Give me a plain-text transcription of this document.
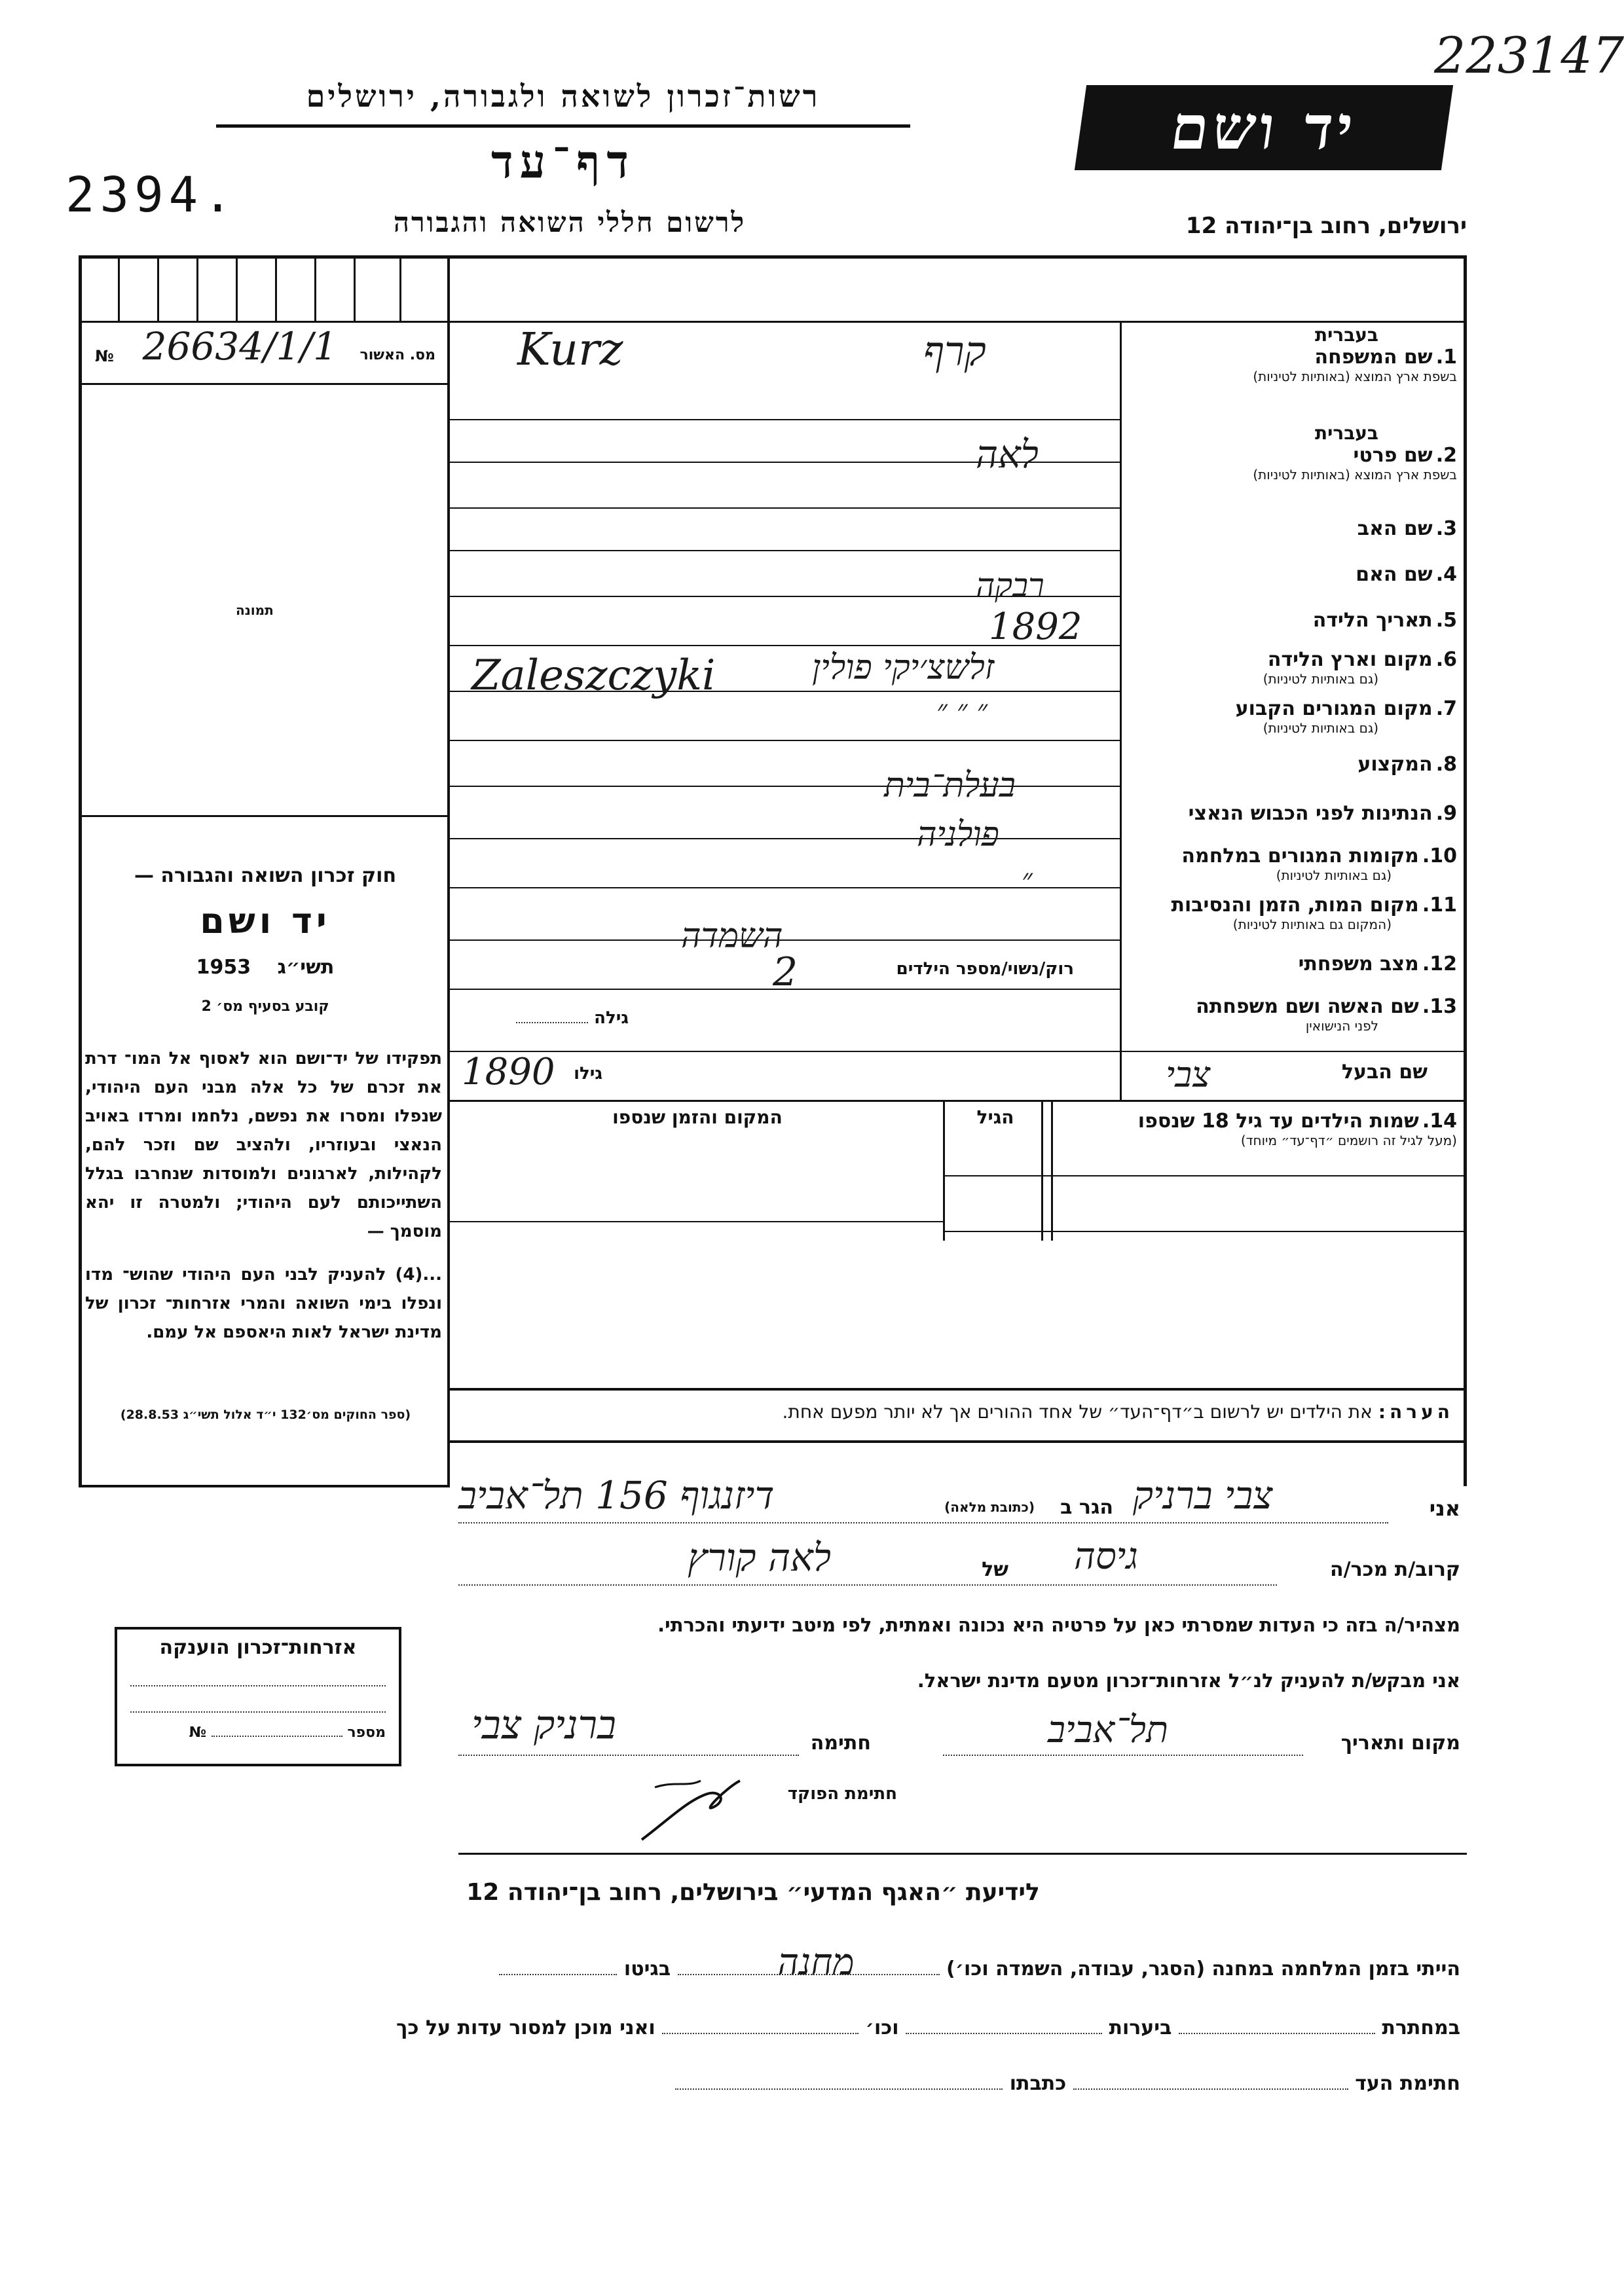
223147
רשות־זכרון לשואה ולגבורה, ירושלים
דף־עד
2394.	לרשום חללי השואה והגבורה
יד ושם
ירושלים, רחוב בן־יהודה 12
מס. האשור
26634/1/1
№
תמונה
חוק זכרון השואה והגבורה —
יד ושם
תשי״ג 1953
קובע בסעיף מס׳ 2
תפקידו של יד־ושם הוא לאסוף אל המו־ דרת את זכרם של כל אלה מבני העם היהודי, שנפלו ומסרו את נפשם, נלחמו ומרדו באויב הנאצי ובעוזריו, ולהציב שם וזכר להם, לקהילות, לארגונים ולמוסדות שנחרבו בגלל השתייכותם לעם היהודי; ולמטרה זו יהא מוסמך —
...(4) להעניק לבני העם היהודי שהוש־ מדו ונפלו בימי השואה והמרי אזרחות־ זכרון של מדינת ישראל לאות היאספם אל עמם.
(ספר החוקים מס׳132 י״ד אלול תשי״ג 28.8.53)
בעברית
1. שם המשפחה
בשפת ארץ המוצא (באותיות לטיניות)
בעברית
2. שם פרטי
בשפת ארץ המוצא (באותיות לטיניות)
3. שם האב
4. שם האם
5. תאריך הלידה
6. מקום וארץ הלידה
(גם באותיות לטיניות)
7. מקום המגורים הקבוע
(גם באותיות לטיניות)
8. המקצוע
9. הנתינות לפני הכבוש הנאצי
10. מקומות המגורים במלחמה
(גם באותיות לטיניות)
11. מקום המות, הזמן והנסיבות
(המקום גם באותיות לטיניות)
12. מצב משפחתי
13. שם האשה ושם משפחתה
לפני הנישואין
קרף
Kurz
לאה
רבקה
1892
זלשצ׳יקי פולין
Zaleszczyki
״ ״ ״
בעלת־בית
פולניה
״
השמדה
רוק/נשוי/מספר הילדים
2
גילה
שם הבעל
צבי
גילו
1890
14. שמות הילדים עד גיל 18 שנספו
(מעל לגיל זה רושמים ״דף־עד״ מיוחד)
הגיל
המקום והזמן שנספו
הערה: את הילדים יש לרשום ב״דף־העד״ של אחד ההורים אך לא יותר מפעם אחת.
אני
צבי ברניק
הגר ב
(כתובת מלאה)
דיזנגוף 156 תל־אביב
קרוב/ת מכר/ה
גיסה
של
לאה קורץ
מצהיר/ה בזה כי העדות שמסרתי כאן על פרטיה היא נכונה ואמתית, לפי מיטב ידיעתי והכרתי.
אני מבקש/ת להעניק לנ״ל אזרחות־זכרון מטעם מדינת ישראל.
מקום ותאריך
תל־אביב
חתימה
ברניק צבי
חתימת הפוקד
אזרחות־זכרון הוענקה
מספר  №
לידיעת ״האגף המדעי״ בירושלים, רחוב בן־יהודה 12
הייתי בזמן המלחמה במחנה (הסגר, עבודה, השמדה וכו׳)
מחנה
בגיטו
במחתרת  ביערות  וכו׳  ואני מוכן למסור עדות על כך
חתימת העד  כתבתו
